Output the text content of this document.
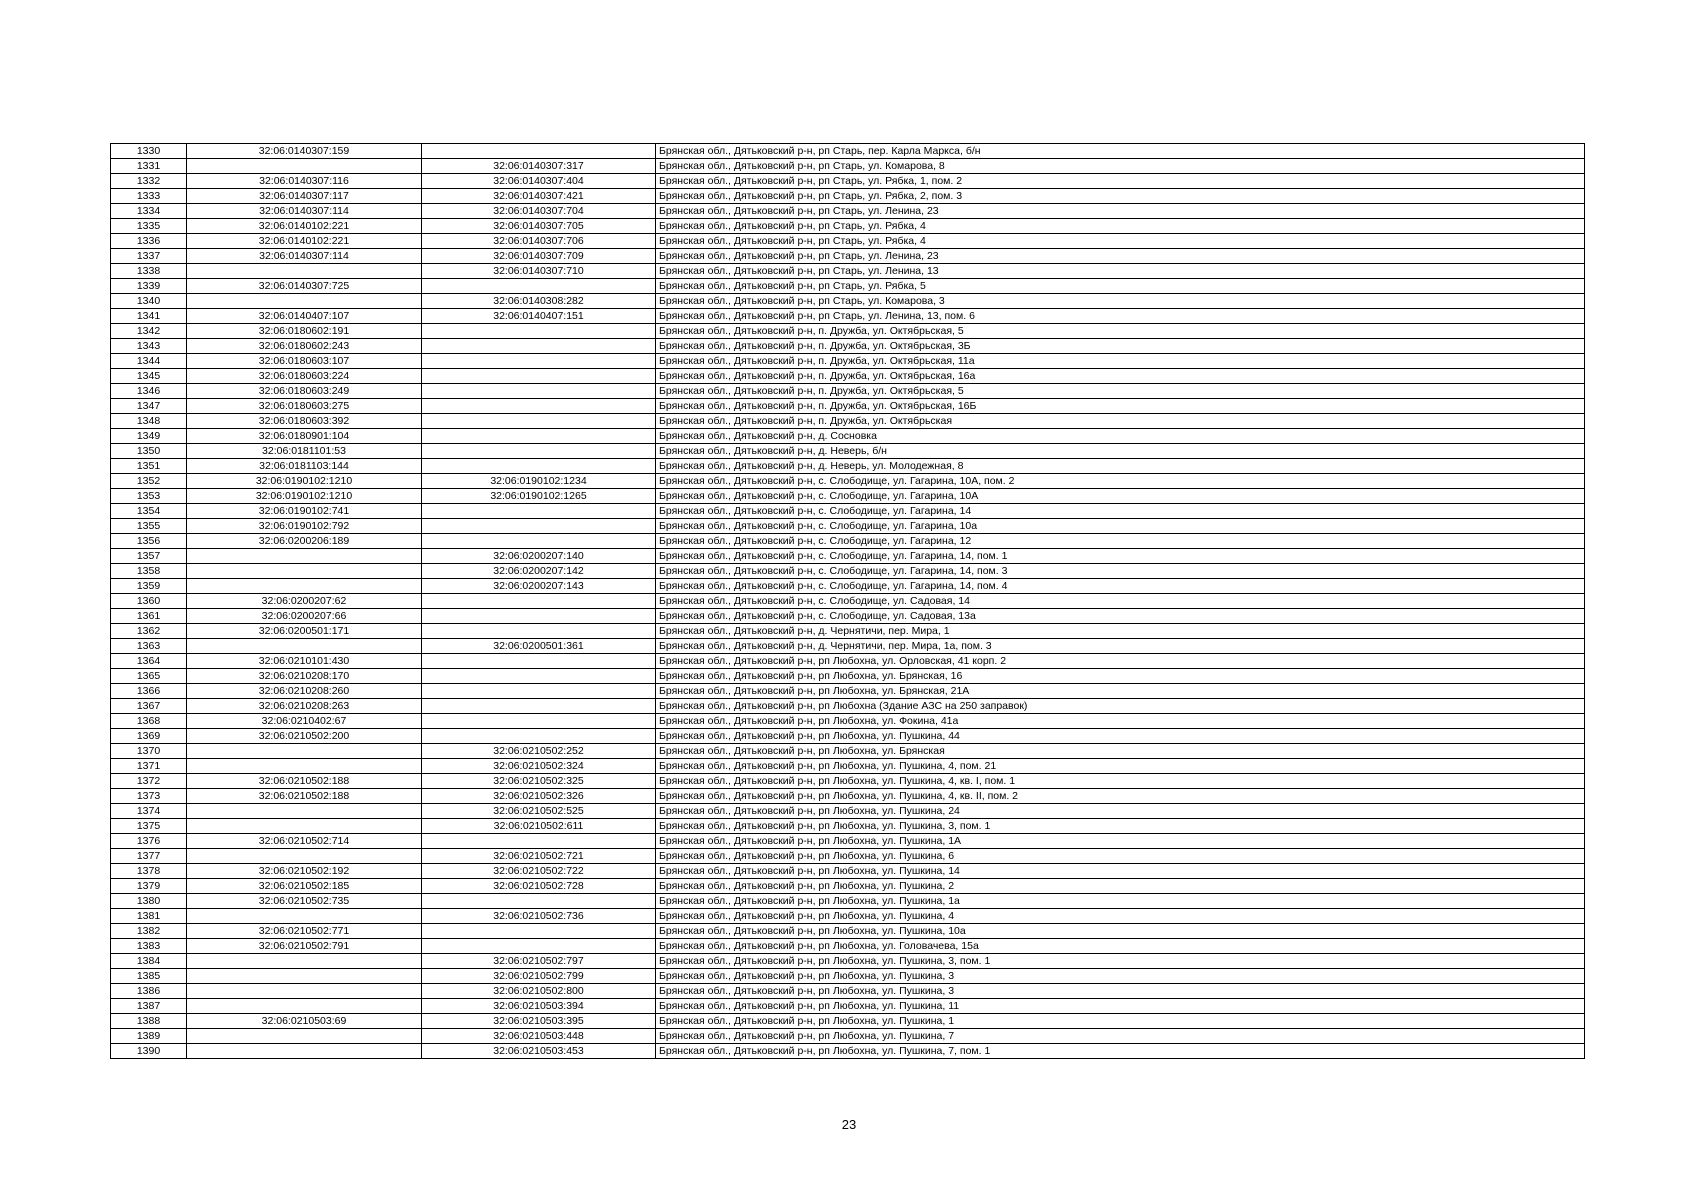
1330	32:06:0140307:159		Брянская обл., Дятьковский р-н, рп Старь, пер. Карла Маркса, б/н
1331		32:06:0140307:317	Брянская обл., Дятьковский р-н, рп Старь, ул. Комарова, 8
1332	32:06:0140307:116	32:06:0140307:404	Брянская обл., Дятьковский р-н, рп Старь, ул. Рябка, 1, пом. 2
1333	32:06:0140307:117	32:06:0140307:421	Брянская обл., Дятьковский р-н, рп Старь, ул. Рябка, 2, пом. 3
1334	32:06:0140307:114	32:06:0140307:704	Брянская обл., Дятьковский р-н, рп Старь, ул. Ленина, 23
1335	32:06:0140102:221	32:06:0140307:705	Брянская обл., Дятьковский р-н, рп Старь, ул. Рябка, 4
1336	32:06:0140102:221	32:06:0140307:706	Брянская обл., Дятьковский р-н, рп Старь, ул. Рябка, 4
1337	32:06:0140307:114	32:06:0140307:709	Брянская обл., Дятьковский р-н, рп Старь, ул. Ленина, 23
1338		32:06:0140307:710	Брянская обл., Дятьковский р-н, рп Старь, ул. Ленина, 13
1339	32:06:0140307:725		Брянская обл., Дятьковский р-н, рп Старь, ул. Рябка, 5
1340		32:06:0140308:282	Брянская обл., Дятьковский р-н, рп Старь, ул. Комарова, 3
1341	32:06:0140407:107	32:06:0140407:151	Брянская обл., Дятьковский р-н, рп Старь, ул. Ленина, 13, пом. 6
1342	32:06:0180602:191		Брянская обл., Дятьковский р-н, п. Дружба, ул. Октябрьская, 5
1343	32:06:0180602:243		Брянская обл., Дятьковский р-н, п. Дружба, ул. Октябрьская, 3Б
1344	32:06:0180603:107		Брянская обл., Дятьковский р-н, п. Дружба, ул. Октябрьская, 11а
1345	32:06:0180603:224		Брянская обл., Дятьковский р-н, п. Дружба, ул. Октябрьская, 16а
1346	32:06:0180603:249		Брянская обл., Дятьковский р-н, п. Дружба, ул. Октябрьская, 5
1347	32:06:0180603:275		Брянская обл., Дятьковский р-н, п. Дружба, ул. Октябрьская, 16Б
1348	32:06:0180603:392		Брянская обл., Дятьковский р-н, п. Дружба, ул. Октябрьская
1349	32:06:0180901:104		Брянская обл., Дятьковский р-н, д. Сосновка
1350	32:06:0181101:53		Брянская обл., Дятьковский р-н, д. Неверь, б/н
1351	32:06:0181103:144		Брянская обл., Дятьковский р-н, д. Неверь, ул. Молодежная, 8
1352	32:06:0190102:1210	32:06:0190102:1234	Брянская обл., Дятьковский р-н, с. Слободище, ул. Гагарина, 10А, пом. 2
1353	32:06:0190102:1210	32:06:0190102:1265	Брянская обл., Дятьковский р-н, с. Слободище, ул. Гагарина, 10А
1354	32:06:0190102:741		Брянская обл., Дятьковский р-н, с. Слободище, ул. Гагарина, 14
1355	32:06:0190102:792		Брянская обл., Дятьковский р-н, с. Слободище, ул. Гагарина, 10а
1356	32:06:0200206:189		Брянская обл., Дятьковский р-н, с. Слободище, ул. Гагарина, 12
1357		32:06:0200207:140	Брянская обл., Дятьковский р-н, с. Слободище, ул. Гагарина, 14, пом. 1
1358		32:06:0200207:142	Брянская обл., Дятьковский р-н, с. Слободище, ул. Гагарина, 14, пом. 3
1359		32:06:0200207:143	Брянская обл., Дятьковский р-н, с. Слободище, ул. Гагарина, 14, пом. 4
1360	32:06:0200207:62		Брянская обл., Дятьковский р-н, с. Слободище, ул. Садовая, 14
1361	32:06:0200207:66		Брянская обл., Дятьковский р-н, с. Слободище, ул. Садовая, 13а
1362	32:06:0200501:171		Брянская обл., Дятьковский р-н, д. Чернятичи, пер. Мира, 1
1363		32:06:0200501:361	Брянская обл., Дятьковский р-н, д. Чернятичи, пер. Мира, 1а, пом. 3
1364	32:06:0210101:430		Брянская обл., Дятьковский р-н, рп Любохна, ул. Орловская, 41 корп. 2
1365	32:06:0210208:170		Брянская обл., Дятьковский р-н, рп Любохна, ул. Брянская, 16
1366	32:06:0210208:260		Брянская обл., Дятьковский р-н, рп Любохна, ул. Брянская, 21А
1367	32:06:0210208:263		Брянская обл., Дятьковский р-н, рп Любохна (Здание АЗС на 250 заправок)
1368	32:06:0210402:67		Брянская обл., Дятьковский р-н, рп Любохна, ул. Фокина, 41а
1369	32:06:0210502:200		Брянская обл., Дятьковский р-н, рп Любохна, ул. Пушкина, 44
1370		32:06:0210502:252	Брянская обл., Дятьковский р-н, рп Любохна, ул. Брянская
1371		32:06:0210502:324	Брянская обл., Дятьковский р-н, рп Любохна, ул. Пушкина, 4, пом. 21
1372	32:06:0210502:188	32:06:0210502:325	Брянская обл., Дятьковский р-н, рп Любохна, ул. Пушкина, 4, кв. I, пом. 1
1373	32:06:0210502:188	32:06:0210502:326	Брянская обл., Дятьковский р-н, рп Любохна, ул. Пушкина, 4, кв. II, пом. 2
1374		32:06:0210502:525	Брянская обл., Дятьковский р-н, рп Любохна, ул. Пушкина, 24
1375		32:06:0210502:611	Брянская обл., Дятьковский р-н, рп Любохна, ул. Пушкина, 3, пом. 1
1376	32:06:0210502:714		Брянская обл., Дятьковский р-н, рп Любохна, ул. Пушкина, 1А
1377		32:06:0210502:721	Брянская обл., Дятьковский р-н, рп Любохна, ул. Пушкина, 6
1378	32:06:0210502:192	32:06:0210502:722	Брянская обл., Дятьковский р-н, рп Любохна, ул. Пушкина, 14
1379	32:06:0210502:185	32:06:0210502:728	Брянская обл., Дятьковский р-н, рп Любохна, ул. Пушкина, 2
1380	32:06:0210502:735		Брянская обл., Дятьковский р-н, рп Любохна, ул. Пушкина, 1а
1381		32:06:0210502:736	Брянская обл., Дятьковский р-н, рп Любохна, ул. Пушкина, 4
1382	32:06:0210502:771		Брянская обл., Дятьковский р-н, рп Любохна, ул. Пушкина, 10а
1383	32:06:0210502:791		Брянская обл., Дятьковский р-н, рп Любохна, ул. Головачева, 15а
1384		32:06:0210502:797	Брянская обл., Дятьковский р-н, рп Любохна, ул. Пушкина, 3, пом. 1
1385		32:06:0210502:799	Брянская обл., Дятьковский р-н, рп Любохна, ул. Пушкина, 3
1386		32:06:0210502:800	Брянская обл., Дятьковский р-н, рп Любохна, ул. Пушкина, 3
1387		32:06:0210503:394	Брянская обл., Дятьковский р-н, рп Любохна, ул. Пушкина, 11
1388	32:06:0210503:69	32:06:0210503:395	Брянская обл., Дятьковский р-н, рп Любохна, ул. Пушкина, 1
1389		32:06:0210503:448	Брянская обл., Дятьковский р-н, рп Любохна, ул. Пушкина, 7
1390		32:06:0210503:453	Брянская обл., Дятьковский р-н, рп Любохна, ул. Пушкина, 7, пом. 1
23
